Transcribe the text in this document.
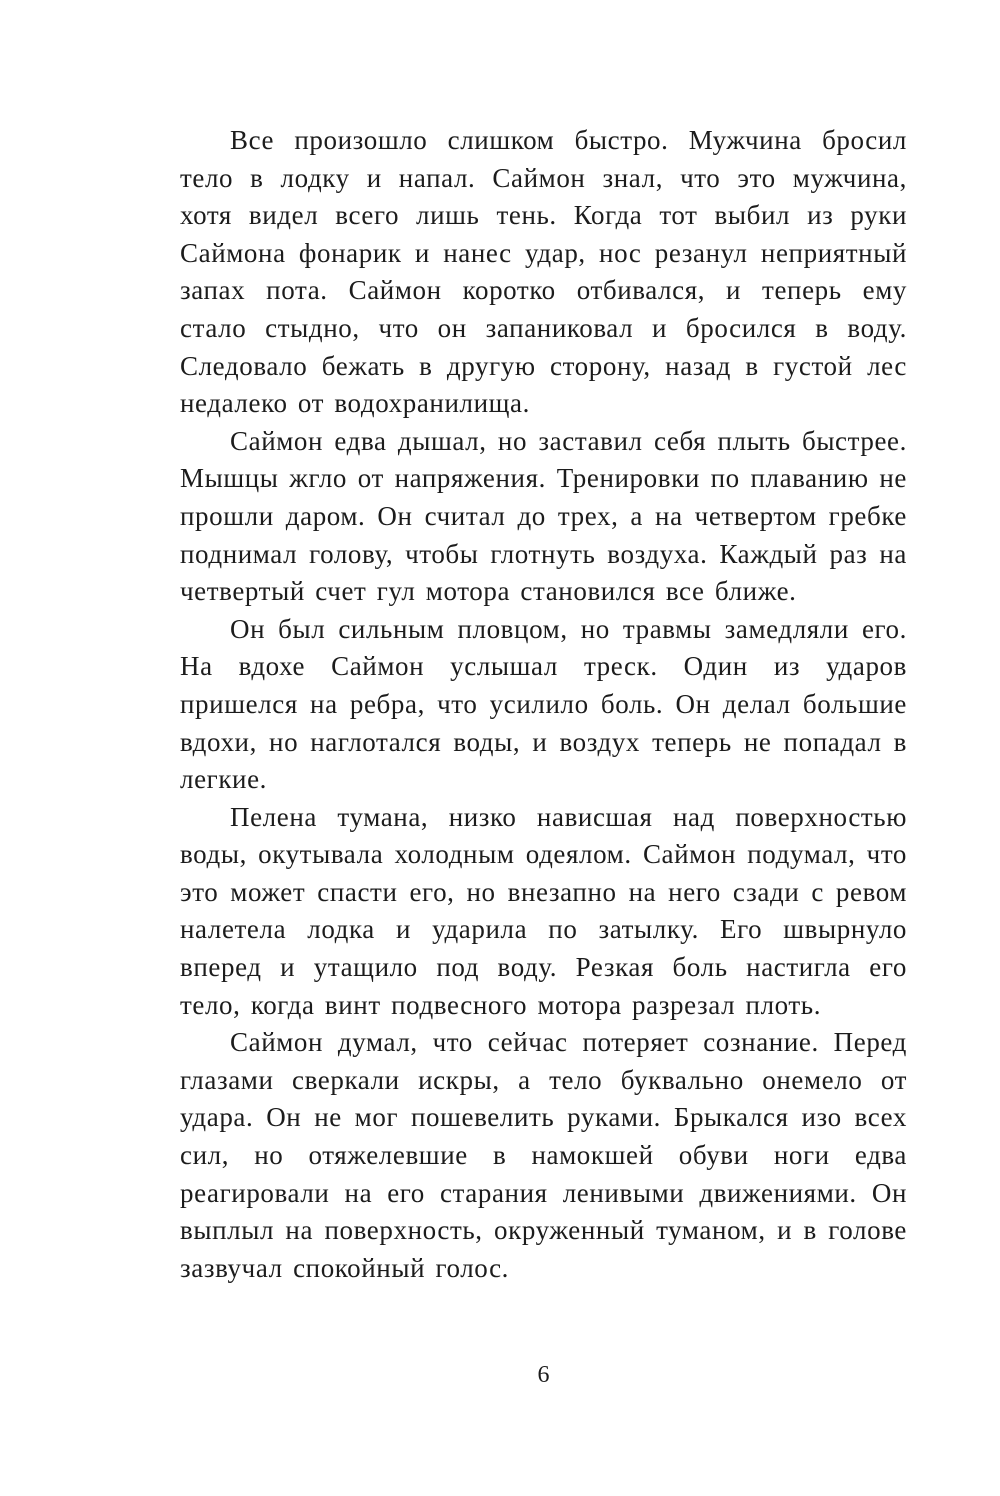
Все произошло слишком быстро. Мужчина бросил тело в лодку и напал. Саймон знал, что это мужчина, хотя видел всего лишь тень. Когда тот выбил из руки Саймона фонарик и нанес удар, нос резанул неприятный запах пота. Саймон коротко отбивался, и теперь ему стало стыдно, что он запаниковал и бросился в воду. Следовало бежать в другую сторону, назад в густой лес недалеко от водохранилища.

Саймон едва дышал, но заставил себя плыть быстрее. Мышцы жгло от напряжения. Тренировки по плаванию не прошли даром. Он считал до трех, а на четвертом гребке поднимал голову, чтобы глотнуть воздуха. Каждый раз на четвертый счет гул мотора становился все ближе.

Он был сильным пловцом, но травмы замедляли его. На вдохе Саймон услышал треск. Один из ударов пришелся на ребра, что усилило боль. Он делал большие вдохи, но наглотался воды, и воздух теперь не попадал в легкие.

Пелена тумана, низко нависшая над поверхностью воды, окутывала холодным одеялом. Саймон подумал, что это может спасти его, но внезапно на него сзади с ревом налетела лодка и ударила по затылку. Его швырнуло вперед и утащило под воду. Резкая боль настигла его тело, когда винт подвесного мотора разрезал плоть.

Саймон думал, что сейчас потеряет сознание. Перед глазами сверкали искры, а тело буквально онемело от удара. Он не мог пошевелить руками. Брыкался изо всех сил, но отяжелевшие в намокшей обуви ноги едва реагировали на его старания ленивыми движениями. Он выплыл на поверхность, окруженный туманом, и в голове зазвучал спокойный голос.

6
